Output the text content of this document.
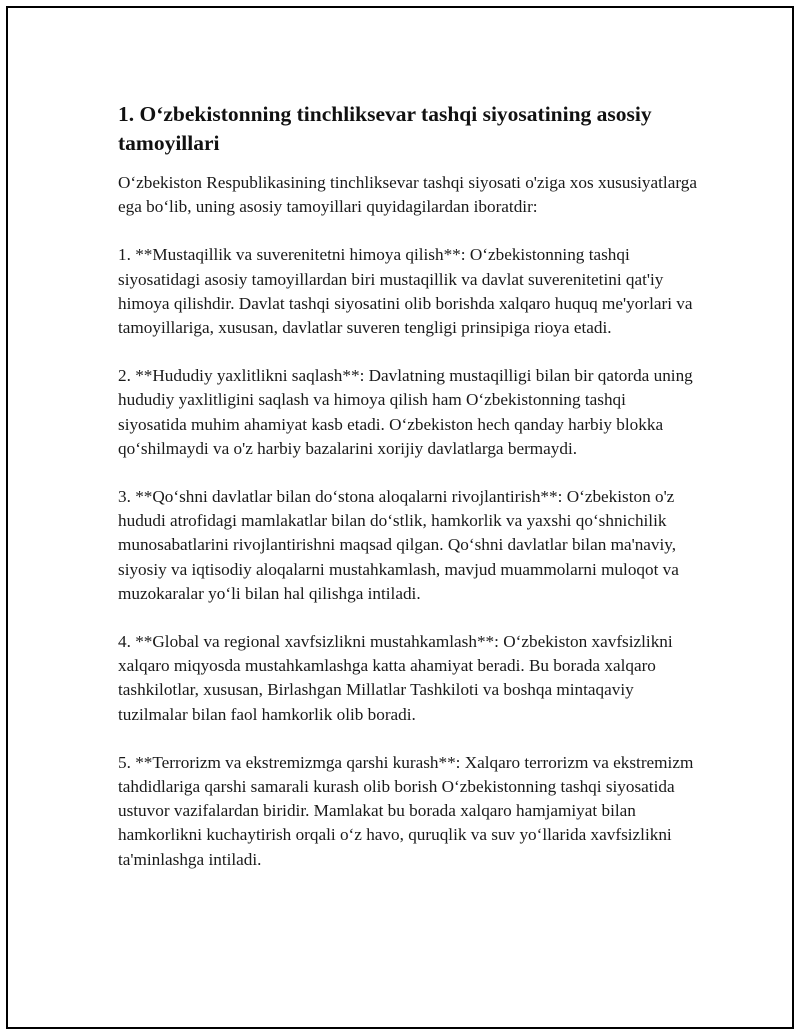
1. O‘zbekistonning tinchliksevar tashqi siyosatining asosiy tamoyillari

O‘zbekiston Respublikasining tinchliksevar tashqi siyosati o'ziga xos xususiyatlarga ega bo‘lib, uning asosiy tamoyillari quyidagilardan iboratdir:

1. **Mustaqillik va suverenitetni himoya qilish**: O‘zbekistonning tashqi siyosatidagi asosiy tamoyillardan biri mustaqillik va davlat suverenitetini qat'iy himoya qilishdir. Davlat tashqi siyosatini olib borishda xalqaro huquq me'yorlari va tamoyillariga, xususan, davlatlar suveren tengligi prinsipiga rioya etadi.

2. **Hududiy yaxlitlikni saqlash**: Davlatning mustaqilligi bilan bir qatorda uning hududiy yaxlitligini saqlash va himoya qilish ham O‘zbekistonning tashqi siyosatida muhim ahamiyat kasb etadi. O‘zbekiston hech qanday harbiy blokka qo‘shilmaydi va o'z harbiy bazalarini xorijiy davlatlarga bermaydi.

3. **Qo‘shni davlatlar bilan do‘stona aloqalarni rivojlantirish**: O‘zbekiston o'z hududi atrofidagi mamlakatlar bilan do‘stlik, hamkorlik va yaxshi qo‘shnichilik munosabatlarini rivojlantirishni maqsad qilgan. Qo‘shni davlatlar bilan ma'naviy, siyosiy va iqtisodiy aloqalarni mustahkamlash, mavjud muammolarni muloqot va muzokaralar yo‘li bilan hal qilishga intiladi.

4. **Global va regional xavfsizlikni mustahkamlash**: O‘zbekiston xavfsizlikni xalqaro miqyosda mustahkamlashga katta ahamiyat beradi. Bu borada xalqaro tashkilotlar, xususan, Birlashgan Millatlar Tashkiloti va boshqa mintaqaviy tuzilmalar bilan faol hamkorlik olib boradi.

5. **Terrorizm va ekstremizmga qarshi kurash**: Xalqaro terrorizm va ekstremizm tahdidlariga qarshi samarali kurash olib borish O‘zbekistonning tashqi siyosatida ustuvor vazifalardan biridir. Mamlakat bu borada xalqaro hamjamiyat bilan hamkorlikni kuchaytirish orqali o‘z havo, quruqlik va suv yo‘llarida xavfsizlikni ta'minlashga intiladi.
